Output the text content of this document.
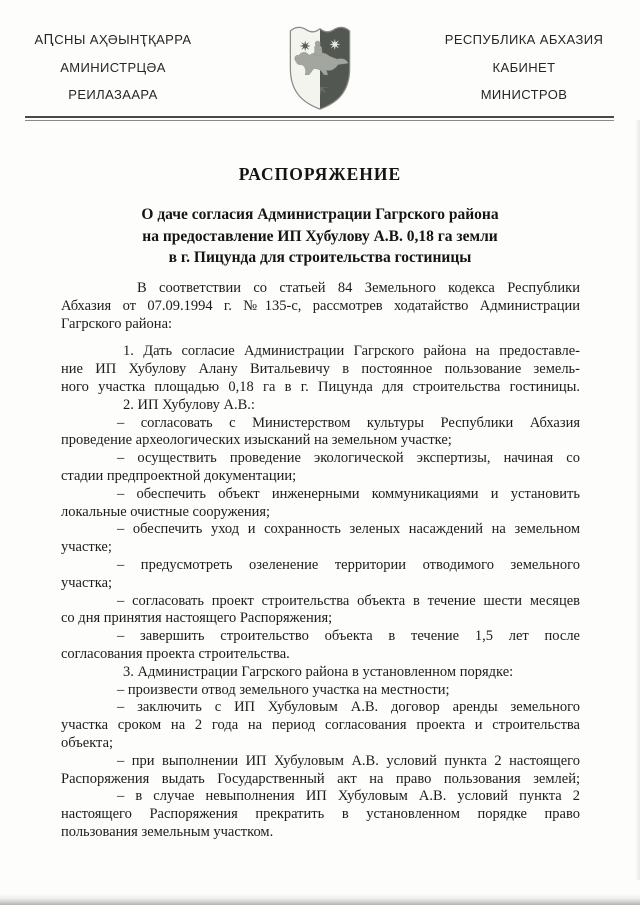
АԤСНЫ АҲӘЫНҬҚАРРА
АМИНИСТРЦӘА
РЕИЛАЗААРА
РЕСПУБЛИКА АБХАЗИЯ
КАБИНЕТ
МИНИСТРОВ
РАСПОРЯЖЕНИЕ
О даче согласия Администрации Гагрского района
на предоставление ИП Хубулову А.В. 0,18 га земли
в г. Пицунда для строительства гостиницы
В соответствии со статьей 84 Земельного кодекса Республики
Абхазия от 07.09.1994 г. №135-с, рассмотрев ходатайство Администрации
Гагрского района:
1. Дать согласие Администрации Гагрского района на предоставле-
ние ИП Хубулову Алану Витальевичу в постоянное пользование земель-
ного участка площадью 0,18 га в г. Пицунда для строительства гостиницы.
2. ИП Хубулову А.В.:
– согласовать с Министерством культуры Республики Абхазия
проведение археологических изысканий на земельном участке;
– осуществить проведение экологической экспертизы, начиная со
стадии предпроектной документации;
– обеспечить объект инженерными коммуникациями и установить
локальные очистные сооружения;
– обеспечить уход и сохранность зеленых насаждений на земельном
участке;
– предусмотреть озеленение территории отводимого земельного
участка;
– согласовать проект строительства объекта в течение шести месяцев
со дня принятия настоящего Распоряжения;
– завершить строительство объекта в течение 1,5 лет после
согласования проекта строительства.
3. Администрации Гагрского района в установленном порядке:
– произвести отвод земельного участка на местности;
– заключить с ИП Хубуловым А.В. договор аренды земельного
участка сроком на 2 года на период согласования проекта и строительства
объекта;
– при выполнении ИП Хубуловым А.В. условий пункта 2 настоящего
Распоряжения выдать Государственный акт на право пользования землей;
– в случае невыполнения ИП Хубуловым А.В. условий пункта 2
настоящего Распоряжения прекратить в установленном порядке право
пользования земельным участком.
